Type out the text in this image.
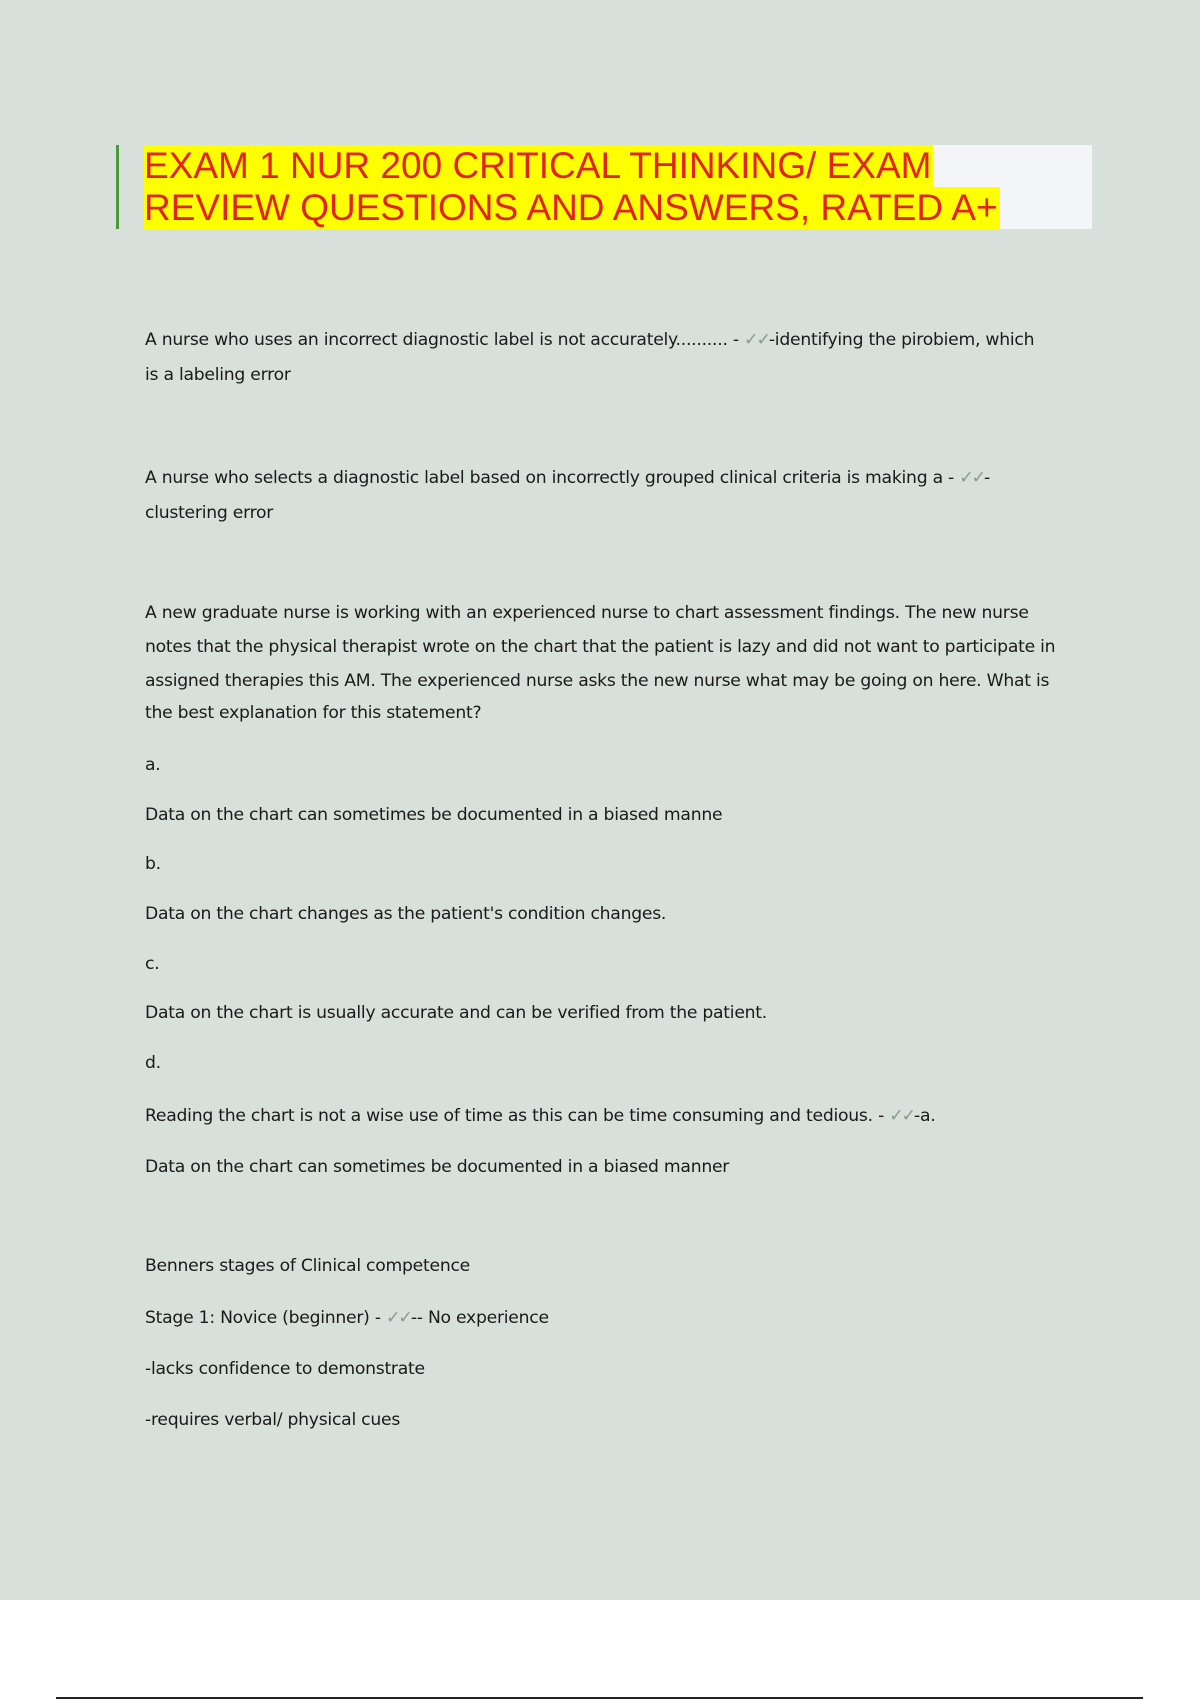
EXAM 1 NUR 200 CRITICAL THINKING/ EXAM
REVIEW QUESTIONS AND ANSWERS, RATED A+
A nurse who uses an incorrect diagnostic label is not accurately.......... - ✓✓-identifying the pirobiem, which
is a labeling error
A nurse who selects a diagnostic label based on incorrectly grouped clinical criteria is making a - ✓✓-
clustering error
A new graduate nurse is working with an experienced nurse to chart assessment findings. The new nurse
notes that the physical therapist wrote on the chart that the patient is lazy and did not want to participate in
assigned therapies this AM. The experienced nurse asks the new nurse what may be going on here. What is
the best explanation for this statement?
a.
Data on the chart can sometimes be documented in a biased manne
b.
Data on the chart changes as the patient's condition changes.
c.
Data on the chart is usually accurate and can be verified from the patient.
d.
Reading the chart is not a wise use of time as this can be time consuming and tedious. - ✓✓-a.
Data on the chart can sometimes be documented in a biased manner
Benners stages of Clinical competence
Stage 1: Novice (beginner) - ✓✓-- No experience
-lacks confidence to demonstrate
-requires verbal/ physical cues
